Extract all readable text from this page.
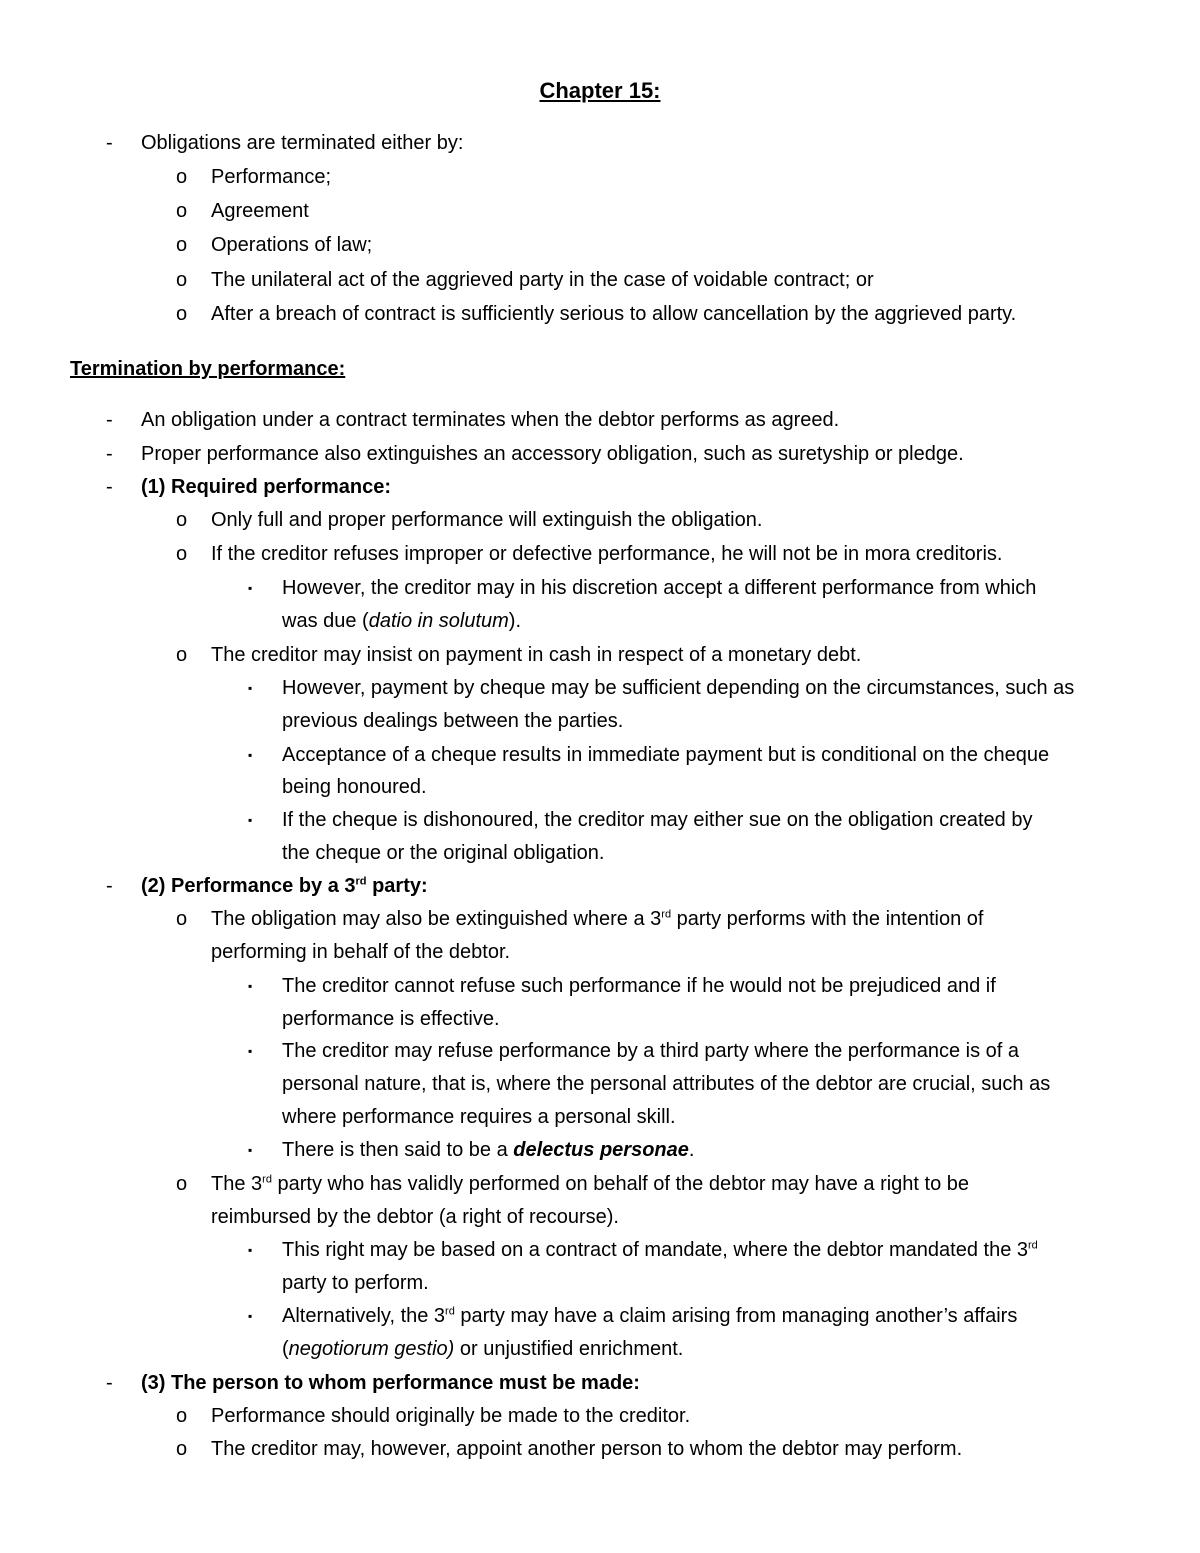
Chapter 15:
- Obligations are terminated either by:
o Performance;
o Agreement
o Operations of law;
o The unilateral act of the aggrieved party in the case of voidable contract; or
o After a breach of contract is sufficiently serious to allow cancellation by the aggrieved party.
Termination by performance:
- An obligation under a contract terminates when the debtor performs as agreed.
- Proper performance also extinguishes an accessory obligation, such as suretyship or pledge.
- (1) Required performance:
o Only full and proper performance will extinguish the obligation.
o If the creditor refuses improper or defective performance, he will not be in mora creditoris.
▪ However, the creditor may in his discretion accept a different performance from which
was due (datio in solutum).
o The creditor may insist on payment in cash in respect of a monetary debt.
▪ However, payment by cheque may be sufficient depending on the circumstances, such as
previous dealings between the parties.
▪ Acceptance of a cheque results in immediate payment but is conditional on the cheque
being honoured.
▪ If the cheque is dishonoured, the creditor may either sue on the obligation created by
the cheque or the original obligation.
- (2) Performance by a 3rd party:
o The obligation may also be extinguished where a 3rd party performs with the intention of
performing in behalf of the debtor.
▪ The creditor cannot refuse such performance if he would not be prejudiced and if
performance is effective.
▪ The creditor may refuse performance by a third party where the performance is of a
personal nature, that is, where the personal attributes of the debtor are crucial, such as
where performance requires a personal skill.
▪ There is then said to be a delectus personae.
o The 3rd party who has validly performed on behalf of the debtor may have a right to be
reimbursed by the debtor (a right of recourse).
▪ This right may be based on a contract of mandate, where the debtor mandated the 3rd
party to perform.
▪ Alternatively, the 3rd party may have a claim arising from managing another’s affairs
(negotiorum gestio) or unjustified enrichment.
- (3) The person to whom performance must be made:
o Performance should originally be made to the creditor.
o The creditor may, however, appoint another person to whom the debtor may perform.
